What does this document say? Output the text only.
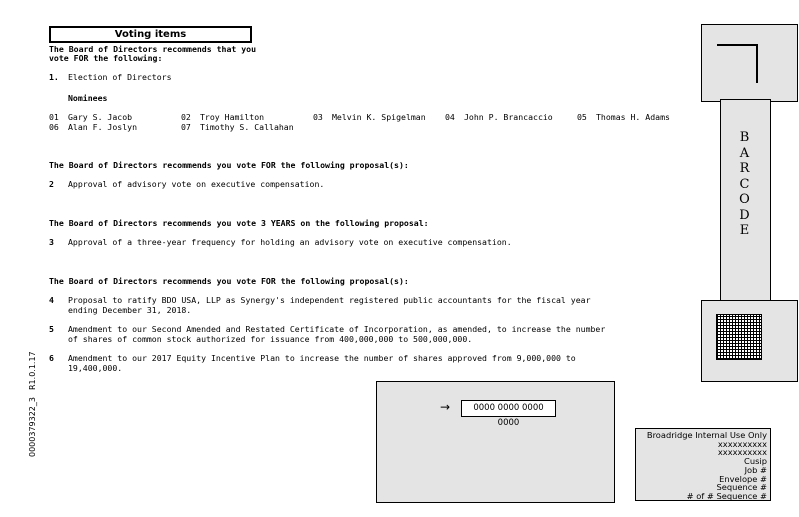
Voting items
The Board of Directors recommends that you
vote FOR the following:
1. Election of Directors
Nominees
01 Gary S. Jacob	02 Troy Hamilton	03 Melvin K. Spigelman 04 John P. Brancaccio	05 Thomas H. Adams
06 Alan F. Joslyn	07 Timothy S. Callahan
The Board of Directors recommends you vote FOR the following proposal(s):
2 Approval of advisory vote on executive compensation.
The Board of Directors recommends you vote 3 YEARS on the following proposal:
3 Approval of a three-year frequency for holding an advisory vote on executive compensation.
The Board of Directors recommends you vote FOR the following proposal(s):
4 Proposal to ratify BDO USA, LLP as Synergy's independent registered public accountants for the fiscal year
ending December 31, 2018.
5 Amendment to our Second Amended and Restated Certificate of Incorporation, as amended, to increase the number
of shares of common stock authorized for issuance from 400,000,000 to 500,000,000.
6 Amendment to our 2017 Equity Incentive Plan to increase the number of shares approved from 9,000,000 to
19,400,000.
R1.0.1.17
0000379322_3
B
A
R
C
O
D
E
→	0000 0000 0000 0000
Broadridge Internal Use Only
xxxxxxxxxx
xxxxxxxxxx
Cusip
Job #
Envelope #
Sequence #
# of # Sequence #
